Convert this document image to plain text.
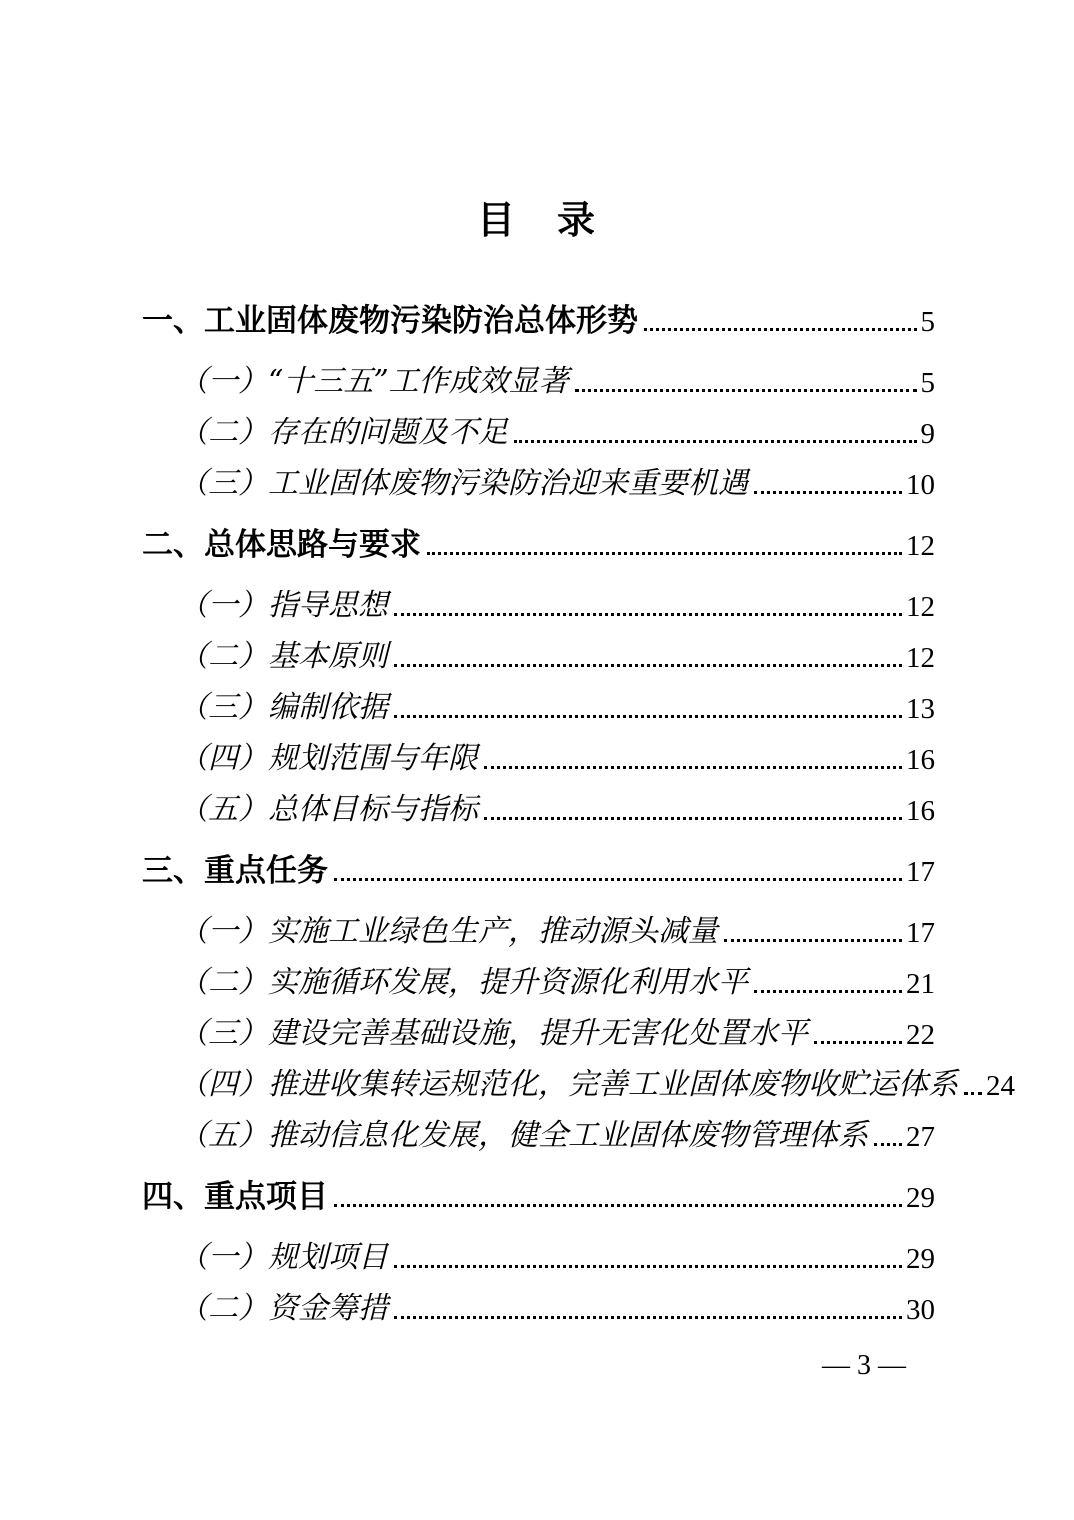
目　录
一、工业固体废物污染防治总体形势	5
（一）“十三五”工作成效显著	5
（二）存在的问题及不足	9
（三）工业固体废物污染防治迎来重要机遇	10
二、总体思路与要求	12
（一）指导思想	12
（二）基本原则	12
（三）编制依据	13
（四）规划范围与年限	16
（五）总体目标与指标	16
三、重点任务	17
（一）实施工业绿色生产，推动源头减量	17
（二）实施循环发展，提升资源化利用水平	21
（三）建设完善基础设施，提升无害化处置水平	22
（四）推进收集转运规范化，完善工业固体废物收贮运体系 24
（五）推动信息化发展，健全工业固体废物管理体系 27
四、重点项目	29
（一）规划项目	29
（二）资金筹措	30
— 3 —
